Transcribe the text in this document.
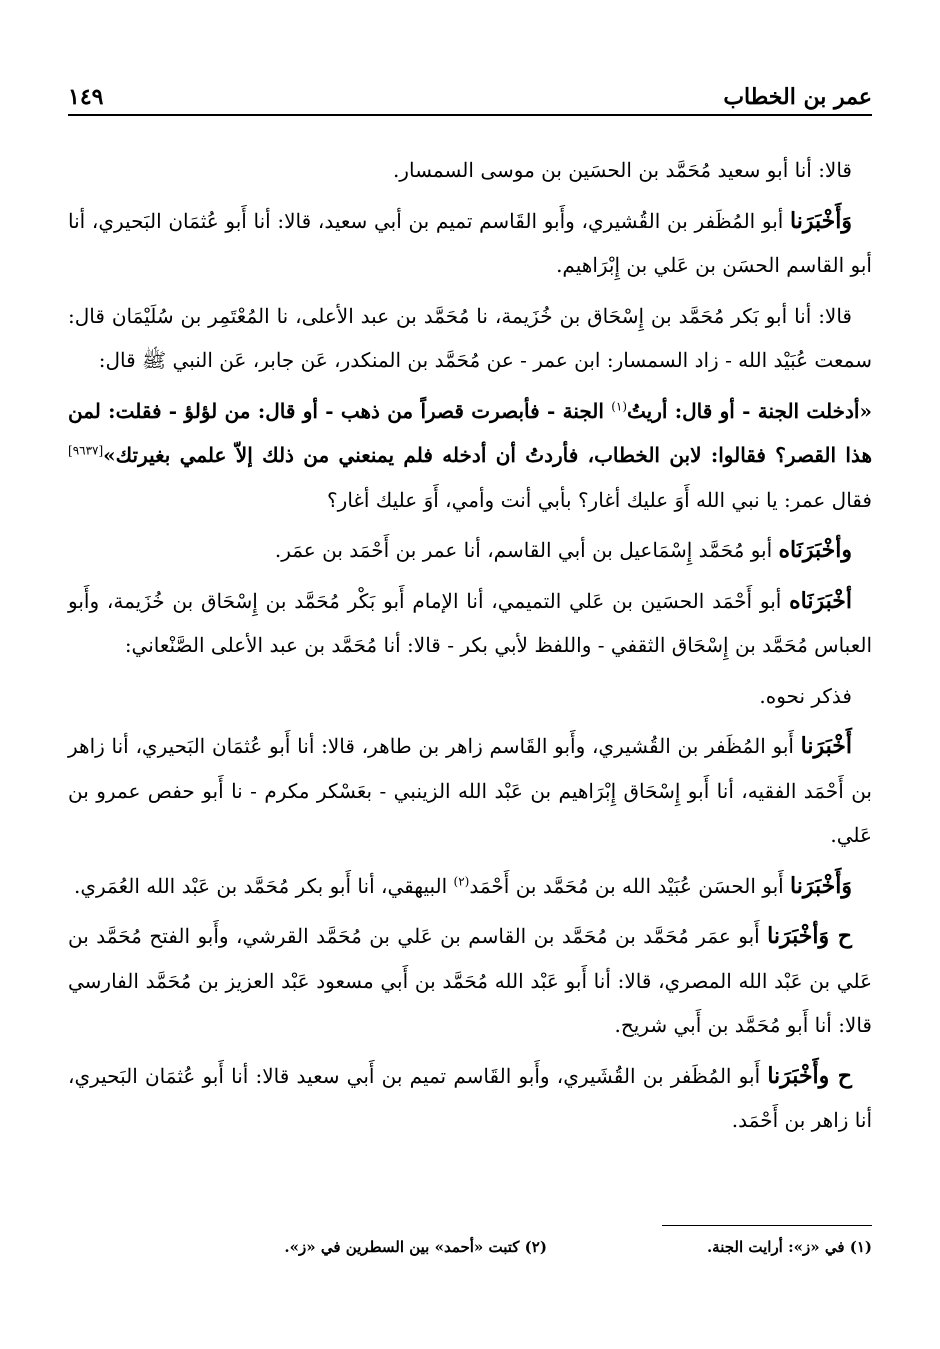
عمر بن الخطاب
١٤٩

قالا: أنا أبو سعيد مُحَمَّد بن الحسَين بن موسى السمسار.

وَأَخْبَرَنا أبو المُظَفر بن القُشيري، وأَبو القَاسم تميم بن أبي سعيد، قالا: أنا أَبو عُثمَان البَحيري، أنا أبو القاسم الحسَن بن عَلي بن إِبْرَاهيم.

قالا: أنا أبو بَكر مُحَمَّد بن إِسْحَاق بن خُزَيمة، نا مُحَمَّد بن عبد الأعلى، نا المُعْتَمِر بن سُلَيْمَان قال: سمعت عُبَيْد الله - زاد السمسار: ابن عمر - عن مُحَمَّد بن المنكدر، عَن جابر، عَن النبي ﷺ قال:

«أدخلت الجنة - أو قال: أريتُ$^{(١)}$ الجنة - فأبصرت قصراً من ذهب - أو قال: من لؤلؤ - فقلت: لمن هذا القصر؟ فقالوا: لابن الخطاب، فأردتُ أن أدخله فلم يمنعني من ذلك إلاّ علمي بغيرتك»[٩٦٣٧] فقال عمر: يا نبي الله أَوَ عليك أغار؟ بأبي أنت وأمي، أَوَ عليك أغار؟

وأخْبَرَنَاه أبو مُحَمَّد إِسْمَاعيل بن أبي القاسم، أنا عمر بن أَحْمَد بن عمَر.

أخْبَرَنَاه أبو أَحْمَد الحسَين بن عَلي التميمي، أنا الإمام أَبو بَكْر مُحَمَّد بن إِسْحَاق بن خُزَيمة، وأَبو العباس مُحَمَّد بن إِسْحَاق الثقفي - واللفظ لأبي بكر - قالا: أنا مُحَمَّد بن عبد الأعلى الصَّنْعاني:

فذكر نحوه.

أَخْبَرَنا أَبو المُظَفر بن القُشيري، وأَبو القَاسم زاهر بن طاهر، قالا: أنا أَبو عُثمَان البَحيري، أنا زاهر بن أَحْمَد الفقيه، أنا أَبو إِسْحَاق إِبْرَاهيم بن عَبْد الله الزينبي - بعَسْكر مكرم - نا أَبو حفص عمرو بن عَلي.

وَأَخْبَرَنا أَبو الحسَن عُبَيْد الله بن مُحَمَّد بن أَحْمَد$^{(٢)}$ البيهقي، أنا أَبو بكر مُحَمَّد بن عَبْد الله العُمَري.

ح وَأخْبَرَنا أَبو عمَر مُحَمَّد بن مُحَمَّد بن القاسم بن عَلي بن مُحَمَّد القرشي، وأَبو الفتح مُحَمَّد بن عَلي بن عَبْد الله المصري، قالا: أنا أَبو عَبْد الله مُحَمَّد بن أَبي مسعود عَبْد العزيز بن مُحَمَّد الفارسي قالا: أنا أَبو مُحَمَّد بن أَبي شريح.

ح وأَخْبَرَنا أَبو المُظَفر بن القُشَيري، وأَبو القَاسم تميم بن أَبي سعيد قالا: أنا أَبو عُثمَان البَحيري، أنا زاهر بن أَحْمَد.

(١) في «ز»: أرايت الجنة.
(٢) كتبت «أحمد» بين السطرين في «ز».
